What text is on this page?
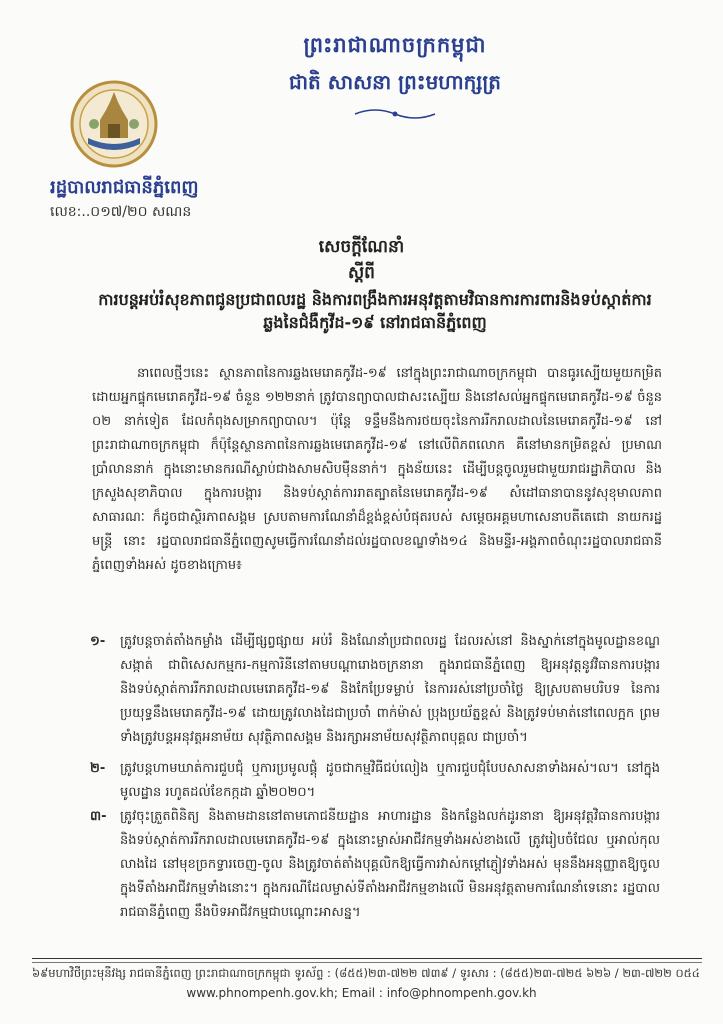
ព្រះរាជាណាចក្រកម្ពុជា
ជាតិ សាសនា ព្រះមហាក្សត្រ
រដ្ឋបាលរាជធានីភ្នំពេញ
លេខ:..០១៧/២០ សណន
សេចក្ដីណែនាំ
ស្ដីពី
ការបន្តអប់រំសុខភាពជូនប្រជាពលរដ្ឋ និងការពង្រឹងការអនុវត្តតាមវិធានការការពារនិងទប់ស្កាត់ការឆ្លងនៃជំងឺកូវីដ-១៩ នៅរាជធានីភ្នំពេញ
នាពេលថ្មីៗនេះ ស្ថានភាពនៃការឆ្លងមេរោគកូវីដ-១៩ នៅក្នុងព្រះរាជាណាចក្រកម្ពុជា បានធូរស្បើយមួយកម្រិត ដោយអ្នកផ្ទុកមេរោគកូវីដ-១៩ ចំនួន ១២២នាក់ ត្រូវបានព្យាបាលជាសះស្បើយ និងនៅសល់អ្នកផ្ទុកមេរោគកូវីដ-១៩ ចំនួន ០២ នាក់ទៀត ដែលកំពុងសម្រាកព្យាបាល។ ប៉ុន្តែ ទន្ទឹមនឹងការថយចុះនៃការរីករាលដាលនៃមេរោគកូវីដ-១៩ នៅព្រះរាជាណាចក្រកម្ពុជា ក៏ប៉ុន្តែស្ថានភាពនៃការឆ្លងមេរោគកូវីដ-១៩ នៅលើពិភពលោក គឺនៅមានកម្រិតខ្ពស់ ប្រមាណប្រាំលាននាក់ ក្នុងនោះមានករណីស្លាប់ជាងសាមសិបម៉ឺននាក់។ ក្នុងន័យនេះ ដើម្បីបន្តចូលរួមជាមួយរាជរដ្ឋាភិបាល និងក្រសួងសុខាភិបាល ក្នុងការបង្ការ និងទប់ស្កាត់ការរាតត្បាតនៃមេរោគកូវីដ-១៩ សំដៅធានាបាននូវសុខុមាលភាពសាធារណៈ ក៏ដូចជាស្ថិរភាពសង្គម ស្របតាមការណែនាំដ៏ខ្ពង់ខ្ពស់បំផុតរបស់ សម្ដេចអគ្គមហាសេនាបតីតេជោ នាយករដ្ឋមន្ត្រី នោះ រដ្ឋបាលរាជធានីភ្នំពេញសូមធ្វើការណែនាំដល់រដ្ឋបាលខណ្ឌទាំង១៤ និងមន្ទីរ-អង្គភាពចំណុះរដ្ឋបាលរាជធានីភ្នំពេញទាំងអស់ ដូចខាងក្រោម៖
១- ត្រូវបន្តចាត់តាំងកម្លាំង ដើម្បីផ្សព្វផ្សាយ អប់រំ និងណែនាំប្រជាពលរដ្ឋ ដែលរស់នៅ និងស្នាក់នៅក្នុងមូលដ្ឋានខណ្ឌ សង្កាត់ ជាពិសេសកម្មករ-កម្មការិនីនៅតាមបណ្ដារោងចក្រនានា ក្នុងរាជធានីភ្នំពេញ ឱ្យអនុវត្តនូវវិធានការបង្ការ និងទប់ស្កាត់ការរីករាលដាលមេរោគកូវីដ-១៩ និងកែប្រែទម្លាប់ នៃការរស់នៅប្រចាំថ្ងៃ ឱ្យស្របតាមបរិបទ នៃការប្រយុទ្ធនឹងមេរោគកូវីដ-១៩ ដោយត្រូវលាងដៃជាប្រចាំ ពាក់ម៉ាស់ ប្រុងប្រយ័ត្នខ្ពស់ និងត្រូវទប់មាត់នៅពេលក្អក ព្រមទាំងត្រូវបន្តអនុវត្តអនាម័យ សុវត្ថិភាពសង្គម និងរក្សាអនាម័យសុវត្ថិភាពបុគ្គល ជាប្រចាំ។
២- ត្រូវបន្តហាមឃាត់ការជួបជុំ ឬការប្រមូលផ្ដុំ ដូចជាកម្មវិធីជប់លៀង ឬការជួបជុំបែបសាសនាទាំងអស់។ល។ នៅក្នុងមូលដ្ឋាន រហូតដល់ខែកក្កដា ឆ្នាំ២០២០។
៣- ត្រូវចុះត្រួតពិនិត្យ និងតាមដាននៅតាមភោជនីយដ្ឋាន អាហារដ្ឋាន និងកន្លែងលក់ដូរនានា ឱ្យអនុវត្តវិធានការបង្ការ និងទប់ស្កាត់ការរីករាលដាលមេរោគកូវីដ-១៩ ក្នុងនោះម្ចាស់អាជីវកម្មទាំងអស់ខាងលើ ត្រូវរៀបចំជែល ឬអាល់កុលលាងដៃ នៅមុខច្រកទ្វារចេញ-ចូល និងត្រូវចាត់តាំងបុគ្គលិកឱ្យធ្វើការវាស់កម្ដៅភ្ញៀវទាំងអស់ មុននឹងអនុញ្ញាតឱ្យចូលក្នុងទីតាំងអាជីវកម្មទាំងនោះ។ ក្នុងករណីដែលម្ចាស់ទីតាំងអាជីវកម្មខាងលើ មិនអនុវត្តតាមការណែនាំទេនោះ រដ្ឋបាលរាជធានីភ្នំពេញ នឹងបិទអាជីវកម្មជាបណ្ដោះអាសន្ន។
៦៩មហាវិថីព្រះមុនីវង្ស រាជធានីភ្នំពេញ ព្រះរាជាណាចក្រកម្ពុជា ទូរស័ព្ទ : (៨៥៥)២៣-៧២២ ៧៣៩ / ទូរសារ : (៨៥៥)២៣-៧២៥ ៦២៦ / ២៣-៧២២ ០៥៤
www.phnompenh.gov.kh; Email : info@phnompenh.gov.kh
